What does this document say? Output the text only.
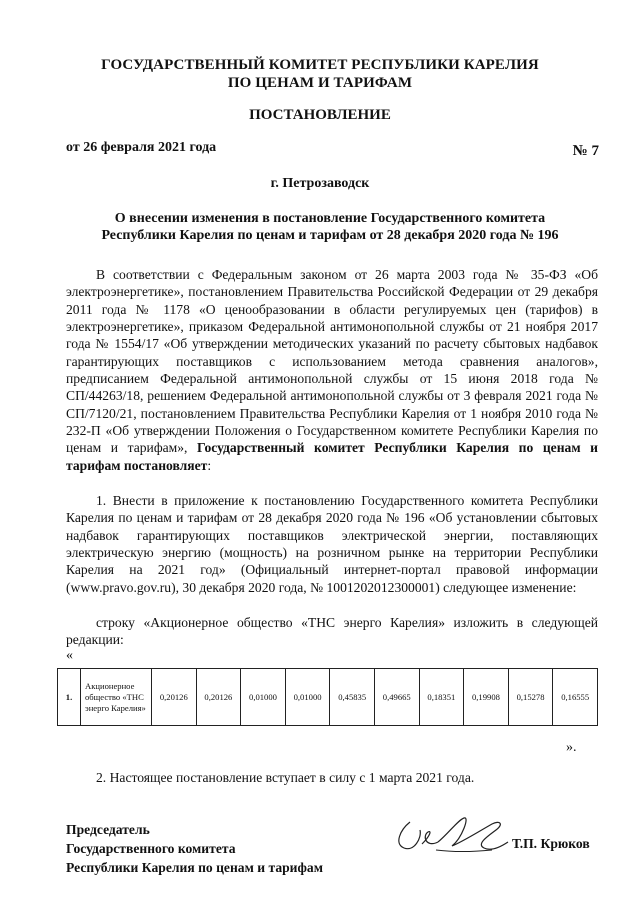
ГОСУДАРСТВЕННЫЙ КОМИТЕТ РЕСПУБЛИКИ КАРЕЛИЯ
ПО ЦЕНАМ И ТАРИФАМ
ПОСТАНОВЛЕНИЕ
от 26 февраля 2021 года	№ 7
г. Петрозаводск
О внесении изменения в постановление Государственного комитета
Республики Карелия по ценам и тарифам от 28 декабря 2020 года № 196
В соответствии с Федеральным законом от 26 марта 2003 года № 35-ФЗ «Об электроэнергетике», постановлением Правительства Российской Федерации от 29 декабря 2011 года № 1178 «О ценообразовании в области регулируемых цен (тарифов) в электроэнергетике», приказом Федеральной антимонопольной службы от 21 ноября 2017 года № 1554/17 «Об утверждении методических указаний по расчету сбытовых надбавок гарантирующих поставщиков с использованием метода сравнения аналогов», предписанием Федеральной антимонопольной службы от 15 июня 2018 года № СП/44263/18, решением Федеральной антимонопольной службы от 3 февраля 2021 года № СП/7120/21, постановлением Правительства Республики Карелия от 1 ноября 2010 года № 232-П «Об утверждении Положения о Государственном комитете Республики Карелия по ценам и тарифам», Государственный комитет Республики Карелия по ценам и тарифам постановляет:
1. Внести в приложение к постановлению Государственного комитета Республики Карелия по ценам и тарифам от 28 декабря 2020 года № 196 «Об установлении сбытовых надбавок гарантирующих поставщиков электрической энергии, поставляющих электрическую энергию (мощность) на розничном рынке на территории Республики Карелия на 2021 год» (Официальный интернет-портал правовой информации (www.pravo.gov.ru), 30 декабря 2020 года, № 1001202012300001) следующее изменение:
строку «Акционерное общество «ТНС энерго Карелия» изложить в следующей редакции:
«
1.	Акционерное общество «ТНС энерго Карелия»	0,20126	0,20126	0,01000	0,01000	0,45835	0,49665	0,18351	0,19908	0,15278	0,16555
».
2. Настоящее постановление вступает в силу с 1 марта 2021 года.
Председатель
Государственного комитета
Республики Карелия по ценам и тарифам
Т.П. Крюков
